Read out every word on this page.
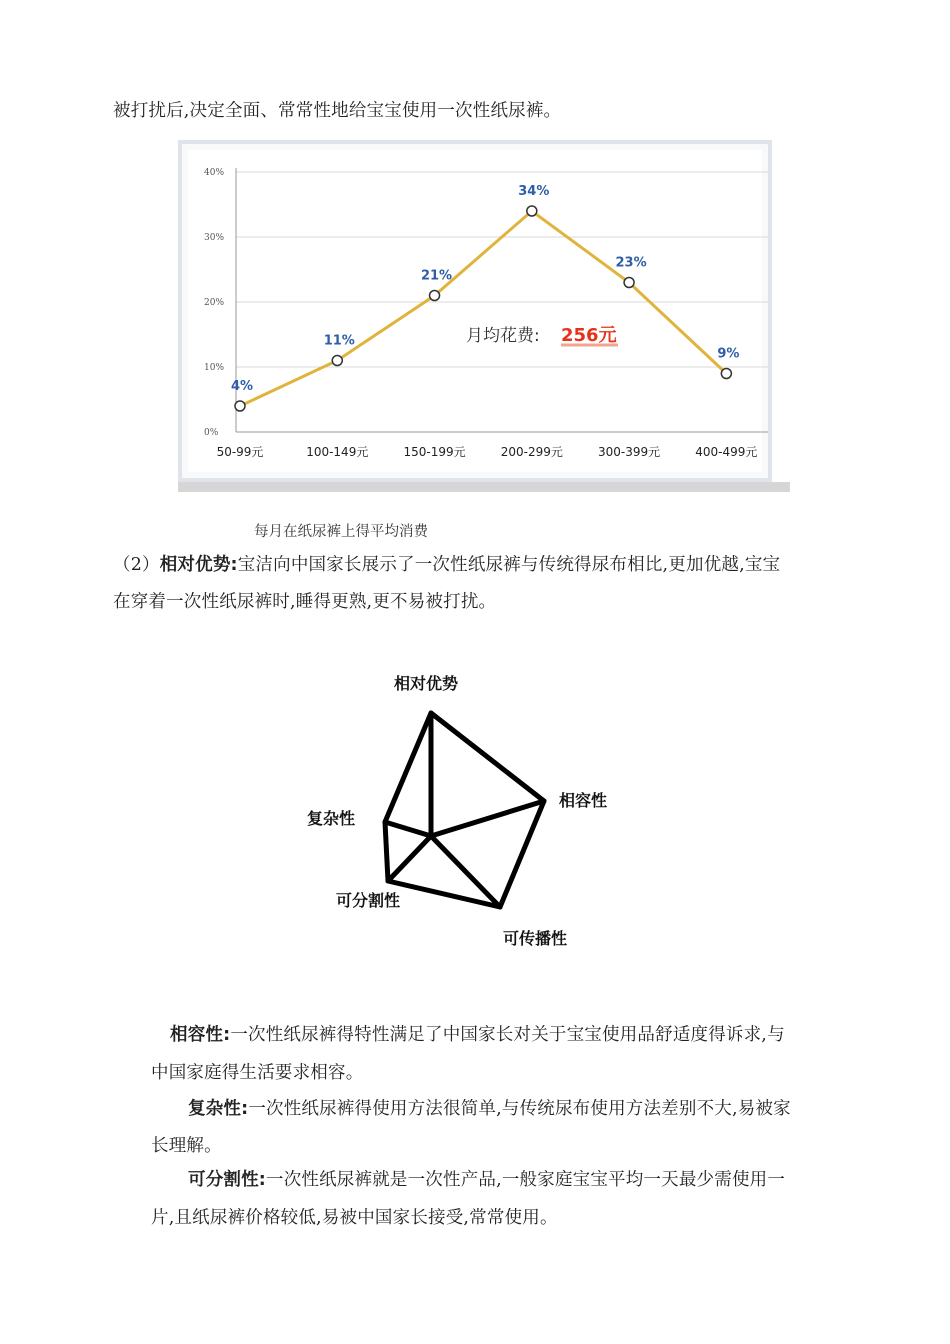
被打扰后,决定全面、常常性地给宝宝使用一次性纸尿裤。
0%
10%
20%
30%
40%
50-99元	100-149元	150-199元	200-299元	300-399元	400-499元
4%
11%
21%
34%
23%
9%
月均花费: 256元
每月在纸尿裤上得平均消费
（2）相对优势:宝洁向中国家长展示了一次性纸尿裤与传统得尿布相比,更加优越,宝宝
在穿着一次性纸尿裤时,睡得更熟,更不易被打扰。
相对优势
相容性
复杂性
可分割性
可传播性
相容性:一次性纸尿裤得特性满足了中国家长对关于宝宝使用品舒适度得诉求,与
中国家庭得生活要求相容。
复杂性:一次性纸尿裤得使用方法很简单,与传统尿布使用方法差别不大,易被家
长理解。
可分割性:一次性纸尿裤就是一次性产品,一般家庭宝宝平均一天最少需使用一
片,且纸尿裤价格较低,易被中国家长接受,常常使用。
